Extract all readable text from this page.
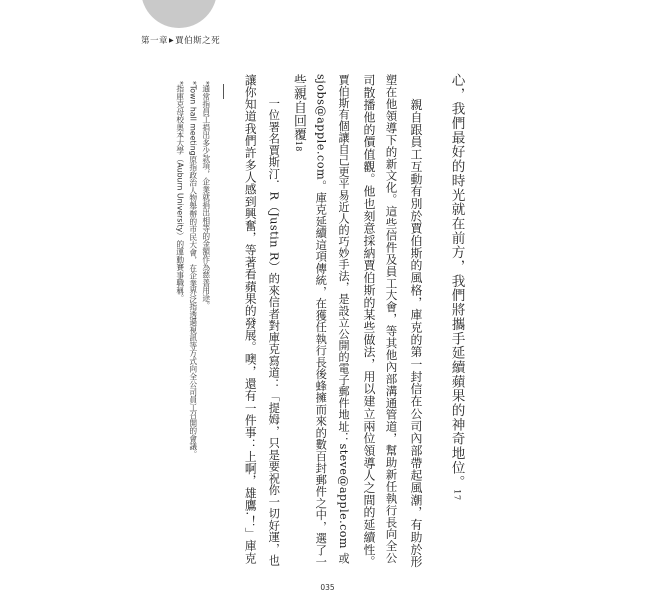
第一章▶賈伯斯之死
心，我們最好的時光就在前方，我們將攜手延續蘋果的神奇地位。17
　　親自跟員工互動有別於賈伯斯的風格，庫克的第一封信在公司內部帶起風潮，有助於形
塑在他領導下的新文化。這些信件及員工大會，等其他內部溝通管道，幫助新任執行長向全公
司散播他的價值觀。他也刻意採納賈伯斯的某些做法，用以建立兩位領導人之間的延續性。
賈伯斯有個讓自己更平易近人的巧妙手法，是設立公開的電子郵件地址：steve@apple.com 或
sjobs@apple.com。庫克延續這項傳統，在獲任執行長後蜂擁而來的數百封郵件之中，選了一
些親自回覆18
　　一位署名賈斯汀．R（Justin R）的來信者對庫克寫道：「提姆，只是要祝你一切好運，也
讓你知道我們許多人感到興奮，等著看蘋果的發展。噢，還有一件事：上啊，雄鷹.！」庫克
*通常指員工捐出多少款項，企業就捐出相等的金額作為慈善用途。
*Town hall meeting原指政治人物舉辦的市民大會，在企業界泛指透過視訊等方式向全公司員工召開的會議。
*指庫克母校奧本大學（Auburn University）的運動賽事職稱。
035
